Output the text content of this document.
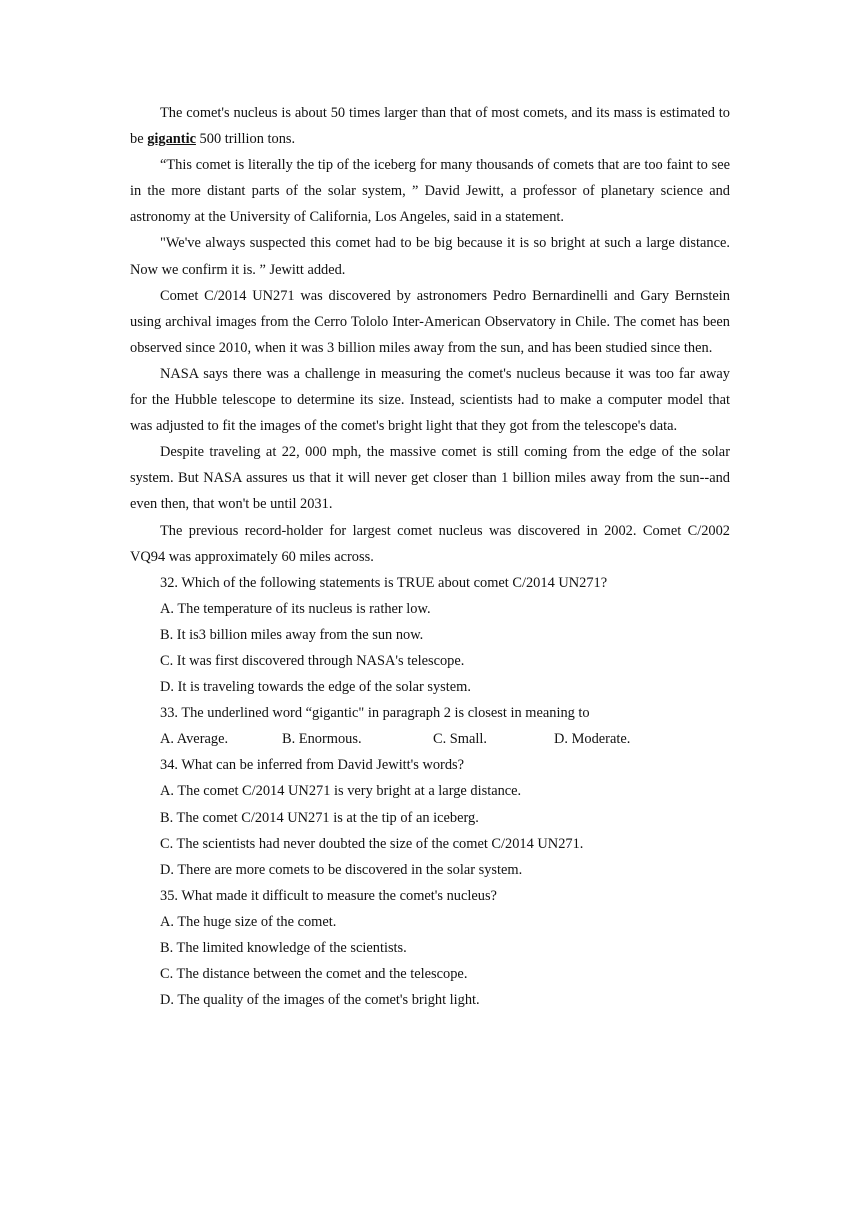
The comet's nucleus is about 50 times larger than that of most comets, and its mass is estimated to be gigantic 500 trillion tons.

“This comet is literally the tip of the iceberg for many thousands of comets that are too faint to see in the more distant parts of the solar system, ” David Jewitt, a professor of planetary science and astronomy at the University of California, Los Angeles, said in a statement.

"We've always suspected this comet had to be big because it is so bright at such a large distance. Now we confirm it is. ” Jewitt added.

Comet C/2014 UN271 was discovered by astronomers Pedro Bernardinelli and Gary Bernstein using archival images from the Cerro Tololo Inter-American Observatory in Chile. The comet has been observed since 2010, when it was 3 billion miles away from the sun, and has been studied since then.

NASA says there was a challenge in measuring the comet's nucleus because it was too far away for the Hubble telescope to determine its size. Instead, scientists had to make a computer model that was adjusted to fit the images of the comet's bright light that they got from the telescope's data.

Despite traveling at 22, 000 mph, the massive comet is still coming from the edge of the solar system. But NASA assures us that it will never get closer than 1 billion miles away from the sun--and even then, that won't be until 2031.

The previous record-holder for largest comet nucleus was discovered in 2002. Comet C/2002 VQ94 was approximately 60 miles across.

32. Which of the following statements is TRUE about comet C/2014 UN271?

A. The temperature of its nucleus is rather low.

B. It is3 billion miles away from the sun now.

C. It was first discovered through NASA's telescope.

D. It is traveling towards the edge of the solar system.

33. The underlined word “gigantic" in paragraph 2 is closest in meaning to

A. Average.	B. Enormous.	C. Small.	D. Moderate.

34. What can be inferred from David Jewitt's words?

A. The comet C/2014 UN271 is very bright at a large distance.

B. The comet C/2014 UN271 is at the tip of an iceberg.

C. The scientists had never doubted the size of the comet C/2014 UN271.

D. There are more comets to be discovered in the solar system.

35. What made it difficult to measure the comet's nucleus?

A. The huge size of the comet.

B. The limited knowledge of the scientists.

C. The distance between the comet and the telescope.

D. The quality of the images of the comet's bright light.
